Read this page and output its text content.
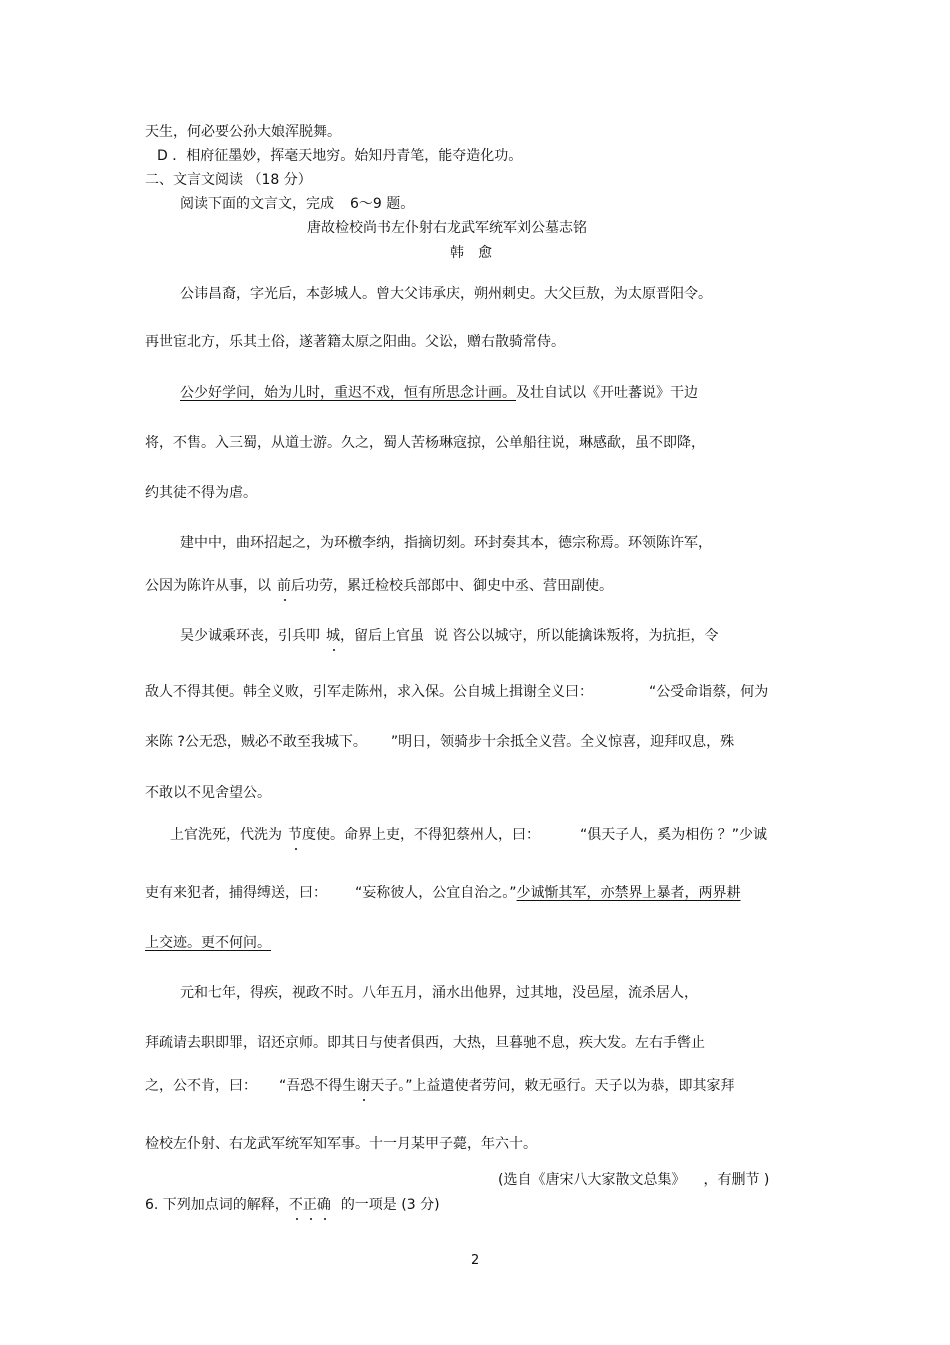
天生，何必要公孙大娘浑脱舞。
D ．相府征墨妙，挥毫天地穷。始知丹青笔，能夺造化功。
二、文言文阅读 （18 分）
阅读下面的文言文，完成 6～9 题。
唐故检校尚书左仆射右龙武军统军刘公墓志铭
韩　愈
公讳昌裔，字光后，本彭城人。曾大父讳承庆，朔州刺史。大父巨敖，为太原晋阳令。
再世宦北方，乐其土俗，遂著籍太原之阳曲。父讼，赠右散骑常侍。
公少好学问，始为儿时，重迟不戏，恒有所思念计画。及壮自试以《开吐蕃说》干边
将，不售。入三蜀，从道士游。久之，蜀人苦杨琳寇掠，公单船往说，琳感歃，虽不即降，
约其徒不得为虐。
建中中，曲环招起之，为环檄李纳，指摘切刻。环封奏其本，德宗称焉。环领陈许军，
公因为陈许从事，以 前后功劳，累迁检校兵部郎中、御史中丞、营田副使。
吴少诚乘环丧，引兵叩 城，留后上官虽 说 咨公以城守，所以能擒诛叛将，为抗拒，令
敌人不得其便。韩全义败，引军走陈州，求入保。公自城上揖谢全义曰：	“公受命诣蔡，何为
来陈 ?公无恐，贼必不敢至我城下。 ”明日，领骑步十余抵全义营。全义惊喜，迎拜叹息，殊
不敢以不见舍望公。
上官洗死，代洗为 节度使。命界上吏，不得犯蔡州人，曰：	“俱天子人，奚为相伤 ？”少诚
吏有来犯者，捕得缚送，曰： “妄称彼人，公宜自治之。”少诚惭其军，亦禁界上暴者，两界耕
上交迹。更不何问。
元和七年，得疾，视政不时。八年五月，涌水出他界，过其地，没邑屋，流杀居人，
拜疏请去职即罪，诏还京师。即其日与使者俱西，大热，旦暮驰不息，疾大发。左右手辔止
之，公不肯，曰： “吾恐不得生谢天子。”上益遣使者劳问，敕无亟行。天子以为恭，即其家拜
检校左仆射、右龙武军统军知军事。十一月某甲子薨，年六十。
(选自《唐宋八大家散文总集》 ，有删节 )
6. 下列加点词的解释，不正确 的一项是 (3 分)
2
